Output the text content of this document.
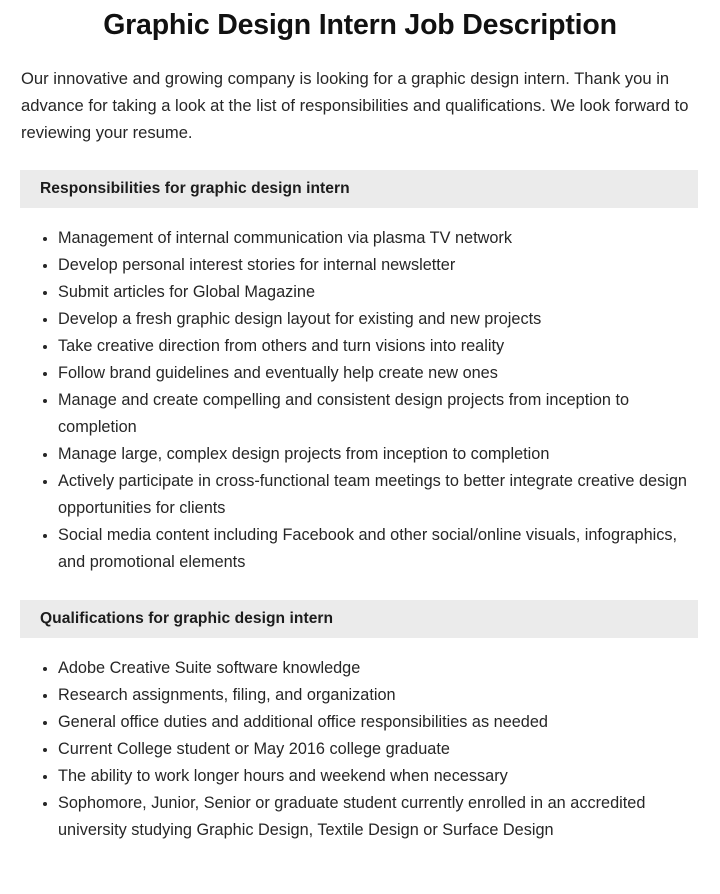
Graphic Design Intern Job Description

Our innovative and growing company is looking for a graphic design intern. Thank you in advance for taking a look at the list of responsibilities and qualifications. We look forward to reviewing your resume.

Responsibilities for graphic design intern
Management of internal communication via plasma TV network
Develop personal interest stories for internal newsletter
Submit articles for Global Magazine
Develop a fresh graphic design layout for existing and new projects
Take creative direction from others and turn visions into reality
Follow brand guidelines and eventually help create new ones
Manage and create compelling and consistent design projects from inception to completion
Manage large, complex design projects from inception to completion
Actively participate in cross-functional team meetings to better integrate creative design opportunities for clients
Social media content including Facebook and other social/online visuals, infographics, and promotional elements
Qualifications for graphic design intern
Adobe Creative Suite software knowledge
Research assignments, filing, and organization
General office duties and additional office responsibilities as needed
Current College student or May 2016 college graduate
The ability to work longer hours and weekend when necessary
Sophomore, Junior, Senior or graduate student currently enrolled in an accredited university studying Graphic Design, Textile Design or Surface Design
